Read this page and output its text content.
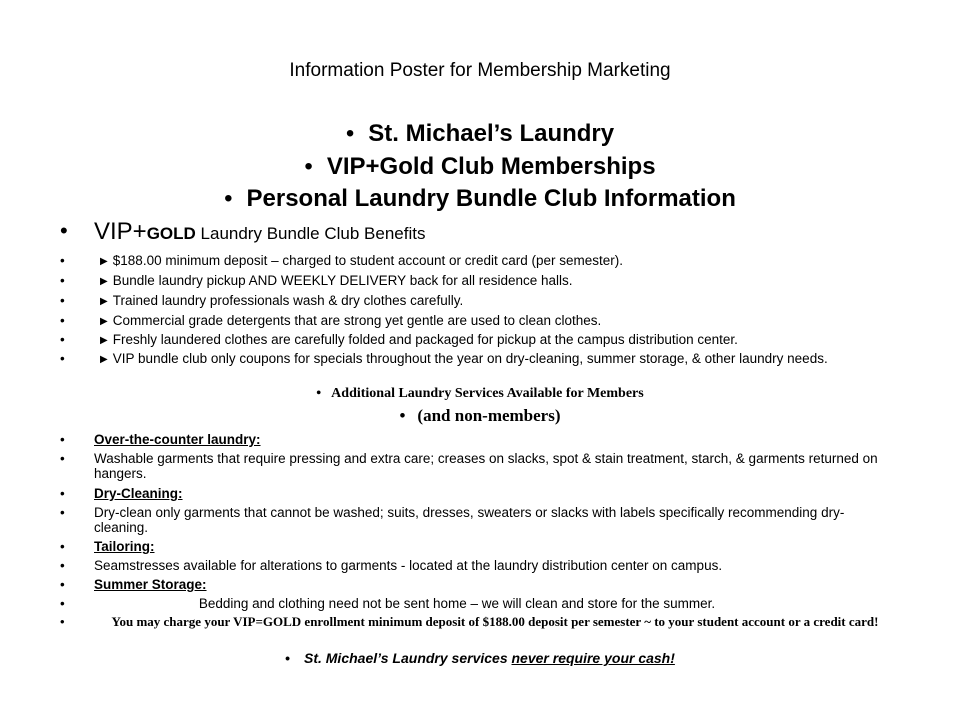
Information Poster for Membership Marketing
• St. Michael’s Laundry
• VIP+Gold Club Memberships
• Personal Laundry Bundle Club Information
• VIP+GOLD Laundry Bundle Club Benefits
•	▶ $188.00 minimum deposit – charged to student account or credit card (per semester).
•	▶ Bundle laundry pickup AND WEEKLY DELIVERY back for all residence halls.
•	▶ Trained laundry professionals wash & dry clothes carefully.
•	▶ Commercial grade detergents that are strong yet gentle are used to clean clothes.
•	▶ Freshly laundered clothes are carefully folded and packaged for pickup at the campus distribution center.
•	▶ VIP bundle club only coupons for specials throughout the year on dry-cleaning, summer storage, & other laundry needs.
• Additional Laundry Services Available for Members
• (and non-members)
• Over-the-counter laundry:
• Washable garments that require pressing and extra care; creases on slacks, spot & stain treatment, starch, & garments returned on hangers.
• Dry-Cleaning:
• Dry-clean only garments that cannot be washed; suits, dresses, sweaters or slacks with labels specifically recommending dry-cleaning.
• Tailoring:
• Seamstresses available for alterations to garments - located at the laundry distribution center on campus.
• Summer Storage:
•	Bedding and clothing need not be sent home – we will clean and store for the summer.
•	You may charge your VIP=GOLD enrollment minimum deposit of $188.00 deposit per semester ~ to your student account or a credit card!
• St. Michael’s Laundry services never require your cash!
